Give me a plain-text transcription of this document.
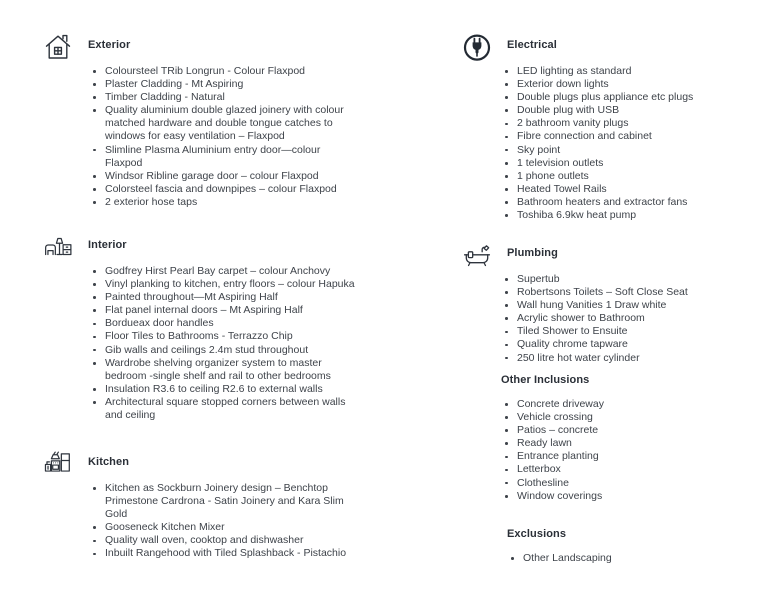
Exterior
Coloursteel TRib Longrun - Colour Flaxpod
Plaster Cladding - Mt Aspiring
Timber Cladding - Natural
Quality aluminium double glazed joinery with colour matched hardware and double tongue catches to windows for easy ventilation – Flaxpod
Slimline Plasma Aluminium entry door—colour Flaxpod
Windsor Ribline garage door – colour Flaxpod
Colorsteel fascia and downpipes – colour Flaxpod
2 exterior hose taps
Interior
Godfrey Hirst Pearl Bay carpet – colour Anchovy
Vinyl planking to kitchen, entry floors – colour Hapuka
Painted throughout—Mt Aspiring Half
Flat panel internal doors – Mt Aspiring Half
Bordueax door handles
Floor Tiles to Bathrooms - Terrazzo Chip
Gib walls and ceilings 2.4m stud throughout
Wardrobe shelving organizer system to master bedroom -single shelf and rail to other bedrooms
Insulation R3.6 to ceiling R2.6 to external walls
Architectural square stopped corners between walls and ceiling
Kitchen
Kitchen as Sockburn Joinery design – Benchtop Primestone Cardrona - Satin Joinery and Kara Slim Gold
Gooseneck Kitchen Mixer
Quality wall oven, cooktop and dishwasher
Inbuilt Rangehood with Tiled Splashback - Pistachio
Electrical
LED lighting as standard
Exterior down lights
Double plugs plus appliance etc plugs
Double plug with USB
2 bathroom vanity plugs
Fibre connection and cabinet
Sky point
1 television outlets
1 phone outlets
Heated Towel Rails
Bathroom heaters and extractor fans
Toshiba 6.9kw heat pump
Plumbing
Supertub
Robertsons Toilets – Soft Close Seat
Wall hung Vanities 1 Draw white
Acrylic shower to Bathroom
Tiled Shower to Ensuite
Quality chrome tapware
250 litre hot water cylinder
Other Inclusions
Concrete driveway
Vehicle crossing
Patios – concrete
Ready lawn
Entrance planting
Letterbox
Clothesline
Window coverings
Exclusions
Other Landscaping
